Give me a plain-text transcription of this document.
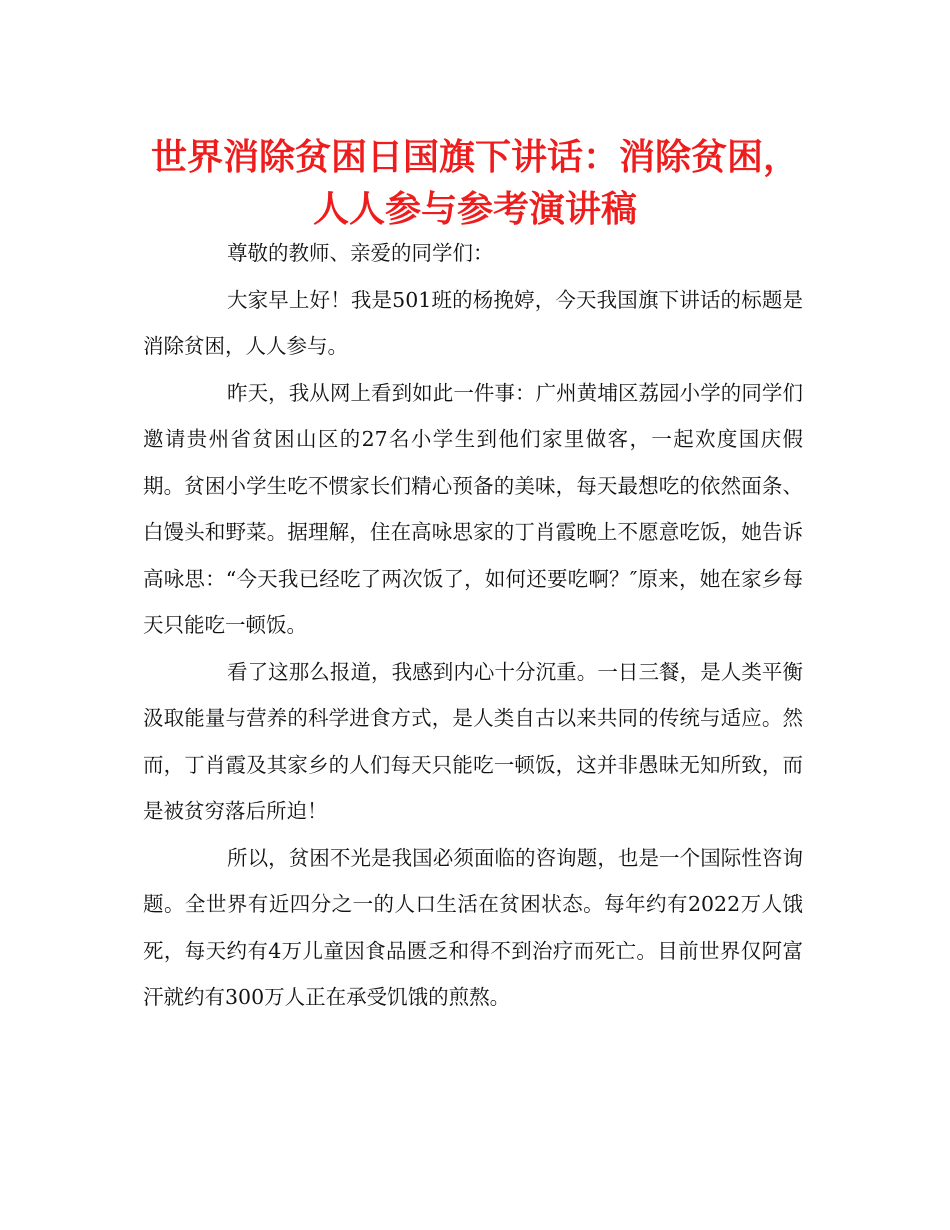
世界消除贫困日国旗下讲话：消除贫困，
人人参与参考演讲稿

尊敬的教师、亲爱的同学们：

大家早上好！我是501班的杨挽婷，今天我国旗下讲话的标题是消除贫困，人人参与。

昨天，我从网上看到如此一件事：广州黄埔区荔园小学的同学们邀请贵州省贫困山区的27名小学生到他们家里做客，一起欢度国庆假期。贫困小学生吃不惯家长们精心预备的美味，每天最想吃的依然面条、白馒头和野菜。据理解，住在高咏思家的丁肖霞晚上不愿意吃饭，她告诉高咏思：“今天我已经吃了两次饭了，如何还要吃啊？″原来，她在家乡每天只能吃一顿饭。

看了这那么报道，我感到内心十分沉重。一日三餐，是人类平衡汲取能量与营养的科学进食方式，是人类自古以来共同的传统与适应。然而，丁肖霞及其家乡的人们每天只能吃一顿饭，这并非愚昧无知所致，而是被贫穷落后所迫！

所以，贫困不光是我国必须面临的咨询题，也是一个国际性咨询题。全世界有近四分之一的人口生活在贫困状态。每年约有2022万人饿死，每天约有4万儿童因食品匮乏和得不到治疗而死亡。目前世界仅阿富汗就约有300万人正在承受饥饿的煎熬。
